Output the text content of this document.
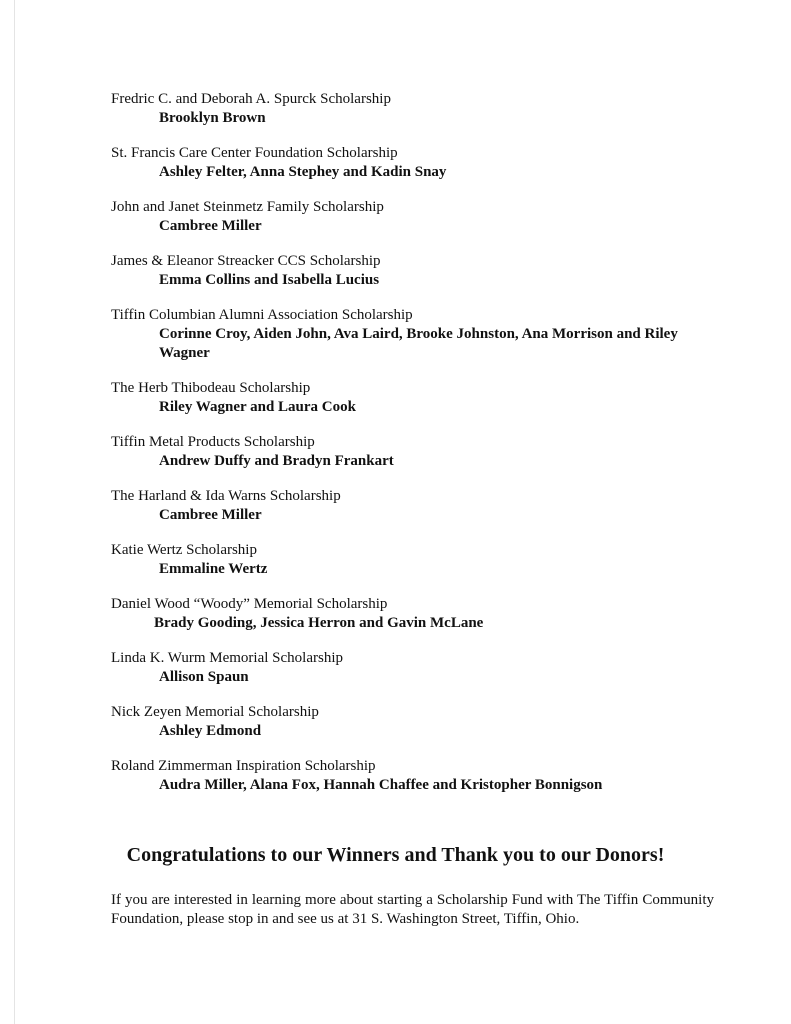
Fredric C. and Deborah A. Spurck Scholarship
Brooklyn Brown
St. Francis Care Center Foundation Scholarship
Ashley Felter, Anna Stephey and Kadin Snay
John and Janet Steinmetz Family Scholarship
Cambree Miller
James & Eleanor Streacker CCS Scholarship
Emma Collins and Isabella Lucius
Tiffin Columbian Alumni Association Scholarship
Corinne Croy, Aiden John, Ava Laird, Brooke Johnston, Ana Morrison and Riley Wagner
The Herb Thibodeau Scholarship
Riley Wagner and Laura Cook
Tiffin Metal Products Scholarship
Andrew Duffy and Bradyn Frankart
The Harland & Ida Warns Scholarship
Cambree Miller
Katie Wertz Scholarship
Emmaline Wertz
Daniel Wood “Woody” Memorial Scholarship
Brady Gooding, Jessica Herron and Gavin McLane
Linda K. Wurm Memorial Scholarship
Allison Spaun
Nick Zeyen Memorial Scholarship
Ashley Edmond
Roland Zimmerman Inspiration Scholarship
Audra Miller, Alana Fox, Hannah Chaffee and Kristopher Bonnigson
Congratulations to our Winners and Thank you to our Donors!

If you are interested in learning more about starting a Scholarship Fund with The Tiffin Community Foundation, please stop in and see us at 31 S. Washington Street, Tiffin, Ohio.
